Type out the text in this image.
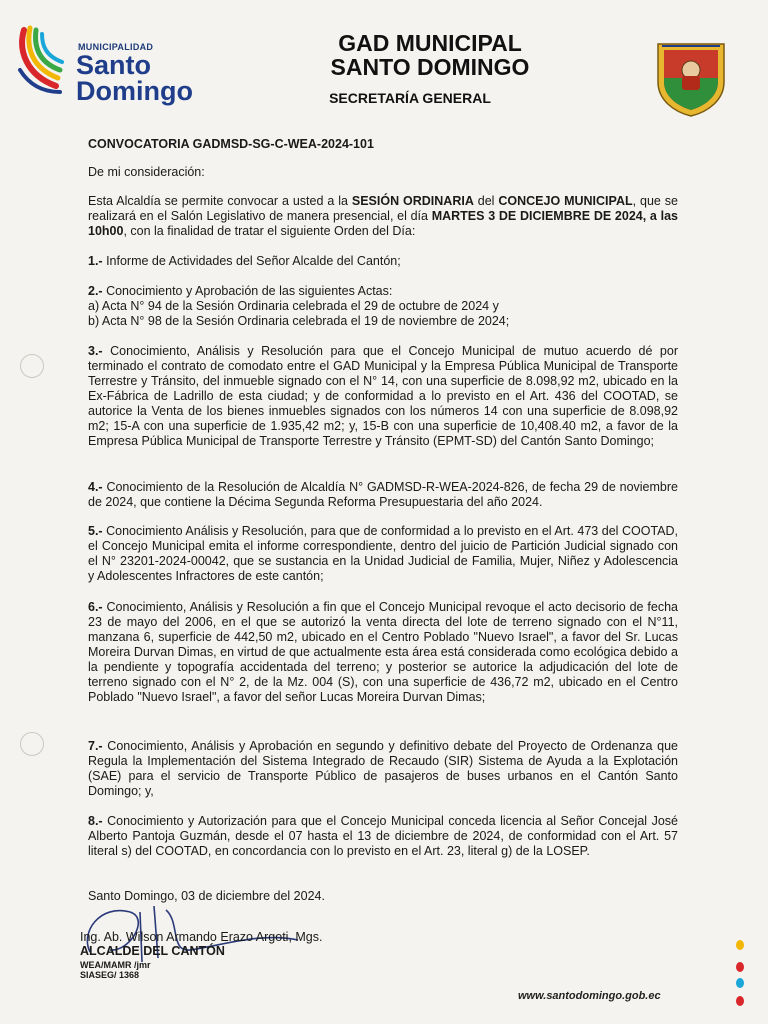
MUNICIPALIDAD
Santo
Domingo
GAD MUNICIPAL
SANTO DOMINGO
SECRETARÍA GENERAL
CONVOCATORIA GADMSD-SG-C-WEA-2024-101
De mi consideración:
Esta Alcaldía se permite convocar a usted a la SESIÓN ORDINARIA del CONCEJO MUNICIPAL, que se realizará en el Salón Legislativo de manera presencial, el día MARTES 3 DE DICIEMBRE DE 2024, a las 10h00, con la finalidad de tratar el siguiente Orden del Día:
1.- Informe de Actividades del Señor Alcalde del Cantón;
2.- Conocimiento y Aprobación de las siguientes Actas:
a) Acta N° 94 de la Sesión Ordinaria celebrada el 29 de octubre de 2024 y
b) Acta N° 98 de la Sesión Ordinaria celebrada el 19 de noviembre de 2024;
3.- Conocimiento, Análisis y Resolución para que el Concejo Municipal de mutuo acuerdo dé por terminado el contrato de comodato entre el GAD Municipal y la Empresa Pública Municipal de Transporte Terrestre y Tránsito, del inmueble signado con el N° 14, con una superficie de 8.098,92 m2, ubicado en la Ex-Fábrica de Ladrillo de esta ciudad; y de conformidad a lo previsto en el Art. 436 del COOTAD, se autorice la Venta de los bienes inmuebles signados con los números 14 con una superficie de 8.098,92 m2; 15-A con una superficie de 1.935,42 m2; y, 15-B con una superficie de 10,408.40 m2, a favor de la Empresa Pública Municipal de Transporte Terrestre y Tránsito (EPMT-SD) del Cantón Santo Domingo;
4.- Conocimiento de la Resolución de Alcaldía N° GADMSD-R-WEA-2024-826, de fecha 29 de noviembre de 2024, que contiene la Décima Segunda Reforma Presupuestaria del año 2024.
5.- Conocimiento Análisis y Resolución, para que de conformidad a lo previsto en el Art. 473 del COOTAD, el Concejo Municipal emita el informe correspondiente, dentro del juicio de Partición Judicial signado con el N° 23201-2024-00042, que se sustancia en la Unidad Judicial de Familia, Mujer, Niñez y Adolescencia y Adolescentes Infractores de este cantón;
6.- Conocimiento, Análisis y Resolución a fin que el Concejo Municipal revoque el acto decisorio de fecha 23 de mayo del 2006, en el que se autorizó la venta directa del lote de terreno signado con el N°11, manzana 6, superficie de 442,50 m2, ubicado en el Centro Poblado "Nuevo Israel", a favor del Sr. Lucas Moreira Durvan Dimas, en virtud de que actualmente esta área está considerada como ecológica debido a la pendiente y topografía accidentada del terreno; y posterior se autorice la adjudicación del lote de terreno signado con el N° 2, de la Mz. 004 (S), con una superficie de 436,72 m2, ubicado en el Centro Poblado "Nuevo Israel", a favor del señor Lucas Moreira Durvan Dimas;
7.- Conocimiento, Análisis y Aprobación en segundo y definitivo debate del Proyecto de Ordenanza que Regula la Implementación del Sistema Integrado de Recaudo (SIR) Sistema de Ayuda a la Explotación (SAE) para el servicio de Transporte Público de pasajeros de buses urbanos en el Cantón Santo Domingo; y,
8.- Conocimiento y Autorización para que el Concejo Municipal conceda licencia al Señor Concejal José Alberto Pantoja Guzmán, desde el 07 hasta el 13 de diciembre de 2024, de conformidad con el Art. 57 literal s) del COOTAD, en concordancia con lo previsto en el Art. 23, literal g) de la LOSEP.
Santo Domingo, 03 de diciembre del 2024.
Ing. Ab. Wilson Armando Erazo Argoti, Mgs.
ALCALDE DEL CANTÓN
WEA/MAMR /jmr
SIASEG/ 1368
www.santodomingo.gob.ec
